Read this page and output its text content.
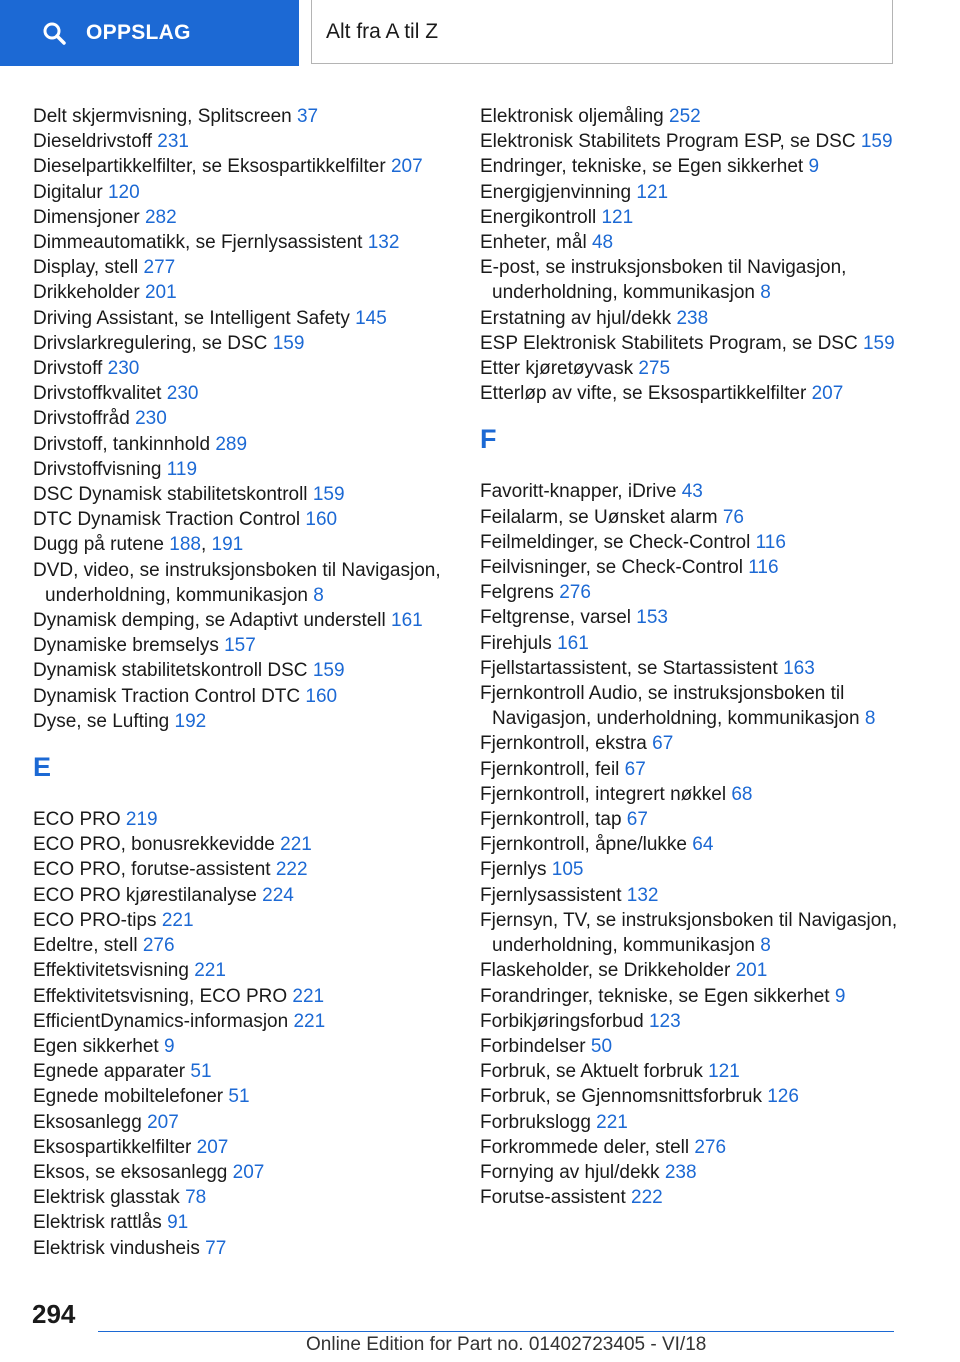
OPPSLAG	Alt fra A til Z
Delt skjermvisning, Splitscreen 37
Dieseldrivstoff 231
Dieselpartikkelfilter, se Eksospartikkelfilter 207
Digitalur 120
Dimensjoner 282
Dimmeautomatikk, se Fjernlysassistent 132
Display, stell 277
Drikkeholder 201
Driving Assistant, se Intelligent Safety 145
Drivslarkregulering, se DSC 159
Drivstoff 230
Drivstoffkvalitet 230
Drivstoffråd 230
Drivstoff, tankinnhold 289
Drivstoffvisning 119
DSC Dynamisk stabilitetskontroll 159
DTC Dynamisk Traction Control 160
Dugg på rutene 188, 191
DVD, video, se instruksjonsboken til Navigasjon, underholdning, kommunikasjon 8
Dynamisk demping, se Adaptivt understell 161
Dynamiske bremselys 157
Dynamisk stabilitetskontroll DSC 159
Dynamisk Traction Control DTC 160
Dyse, se Lufting 192
E
ECO PRO 219
ECO PRO, bonusrekkevidde 221
ECO PRO, forutse-assistent 222
ECO PRO kjørestilanalyse 224
ECO PRO-tips 221
Edeltre, stell 276
Effektivitetsvisning 221
Effektivitetsvisning, ECO PRO 221
EfficientDynamics-informasjon 221
Egen sikkerhet 9
Egnede apparater 51
Egnede mobiltelefoner 51
Eksosanlegg 207
Eksospartikkelfilter 207
Eksos, se eksosanlegg 207
Elektrisk glasstak 78
Elektrisk rattlås 91
Elektrisk vindusheis 77
Elektronisk oljemåling 252
Elektronisk Stabilitets Program ESP, se DSC 159
Endringer, tekniske, se Egen sikkerhet 9
Energigjenvinning 121
Energikontroll 121
Enheter, mål 48
E-post, se instruksjonsboken til Navigasjon, underholdning, kommunikasjon 8
Erstatning av hjul/dekk 238
ESP Elektronisk Stabilitets Program, se DSC 159
Etter kjøretøyvask 275
Etterløp av vifte, se Eksospartikkelfilter 207
F
Favoritt-knapper, iDrive 43
Feilalarm, se Uønsket alarm 76
Feilmeldinger, se Check-Control 116
Feilvisninger, se Check-Control 116
Felgrens 276
Feltgrense, varsel 153
Firehjuls 161
Fjellstartassistent, se Startassistent 163
Fjernkontroll Audio, se instruksjonsboken til Navigasjon, underholdning, kommunikasjon 8
Fjernkontroll, ekstra 67
Fjernkontroll, feil 67
Fjernkontroll, integrert nøkkel 68
Fjernkontroll, tap 67
Fjernkontroll, åpne/lukke 64
Fjernlys 105
Fjernlysassistent 132
Fjernsyn, TV, se instruksjonsboken til Navigasjon, underholdning, kommunikasjon 8
Flaskeholder, se Drikkeholder 201
Forandringer, tekniske, se Egen sikkerhet 9
Forbikjøringsforbud 123
Forbindelser 50
Forbruk, se Aktuelt forbruk 121
Forbruk, se Gjennomsnittsforbruk 126
Forbrukslogg 221
Forkrommede deler, stell 276
Fornying av hjul/dekk 238
Forutse-assistent 222
294
Online Edition for Part no. 01402723405 - VI/18
